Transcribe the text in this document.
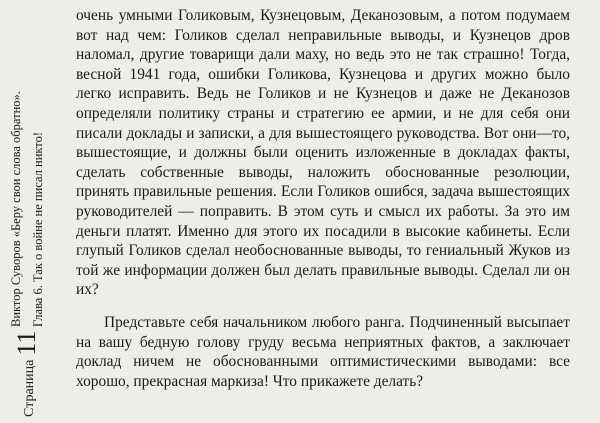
Страница11
Виктор Суворов «Беру свои слова обратно». Глава 6. Так о войне не писал никто!

очень умными Голиковым, Кузнецовым, Деканозовым, а потом подумаем вот над чем: Голиков сделал неправильные выводы, и Кузнецов дров наломал, другие товарищи дали маху, но ведь это не так страшно! Тогда, весной 1941 года, ошибки Голикова, Кузнецова и других можно было легко исправить. Ведь не Голиков и не Кузнецов и даже не Деканозов определяли политику страны и стратегию ее армии, и не для себя они писали доклады и записки, а для вышестоящего руководства. Вот они—то, вышестоящие, и должны были оценить изложенные в докладах факты, сделать собственные выводы, наложить обоснованные резолюции, принять правильные решения. Если Голиков ошибся, задача вышестоящих руководителей — поправить. В этом суть и смысл их работы. За это им деньги платят. Именно для этого их посадили в высокие кабинеты. Если глупый Голиков сделал необоснованные выводы, то гениальный Жуков из той же информации должен был делать правильные выводы. Сделал ли он их?

Представьте себя начальником любого ранга. Подчиненный высыпает на вашу бедную голову груду весьма неприятных фактов, а заключает доклад ничем не обоснованными оптимистическими выводами: все хорошо, прекрасная маркиза! Что прикажете делать?
